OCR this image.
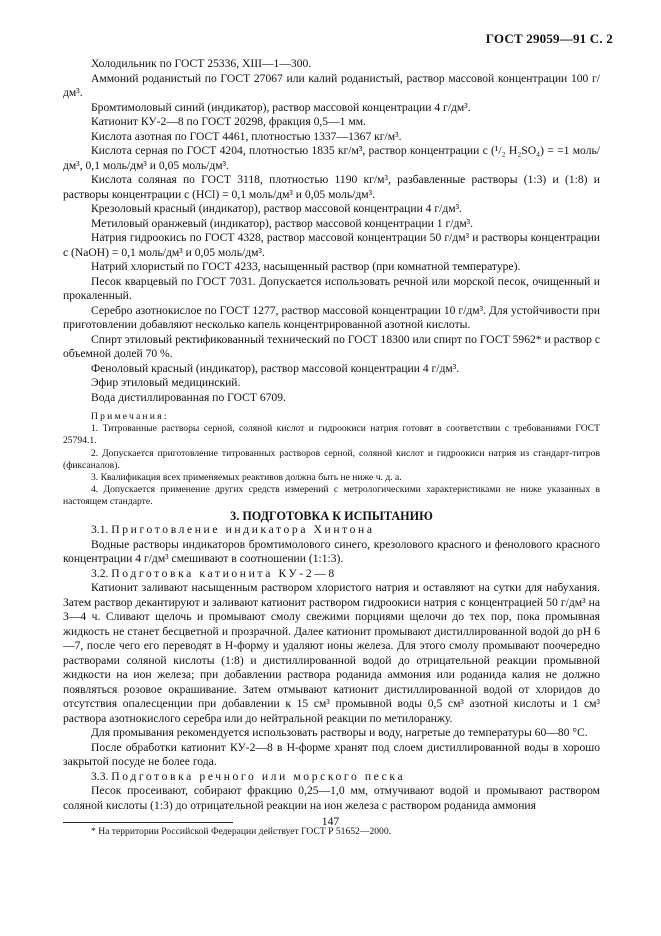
ГОСТ 29059—91 С. 2

Холодильник по ГОСТ 25336, ХIII—1—300.

Аммоний роданистый по ГОСТ 27067 или калий роданистый, раствор массовой концентрации 100 г/дм³.

Бромтимоловый синий (индикатор), раствор массовой концентрации 4 г/дм³.

Катионит КУ-2—8 по ГОСТ 20298, фракция 0,5—1 мм.

Кислота азотная по ГОСТ 4461, плотностью 1337—1367 кг/м³.

Кислота серная по ГОСТ 4204, плотностью 1835 кг/м³, раствор концентрации c (¹/₂ H₂SO₄) = =1 моль/дм³, 0,1 моль/дм³ и 0,05 моль/дм³.

Кислота соляная по ГОСТ 3118, плотностью 1190 кг/м³, разбавленные растворы (1:3) и (1:8) и растворы концентрации c (HCl) = 0,1 моль/дм³ и 0,05 моль/дм³.

Крезоловый красный (индикатор), раствор массовой концентрации 4 г/дм³.

Метиловый оранжевый (индикатор), раствор массовой концентрации 1 г/дм³.

Натрия гидроокись по ГОСТ 4328, раствор массовой концентрации 50 г/дм³ и растворы концентрации c (NaOH) = 0,1 моль/дм³ и 0,05 моль/дм³.

Натрий хлористый по ГОСТ 4233, насыщенный раствор (при комнатной температуре).

Песок кварцевый по ГОСТ 7031. Допускается использовать речной или морской песок, очищенный и прокаленный.

Серебро азотнокислое по ГОСТ 1277, раствор массовой концентрации 10 г/дм³. Для устойчивости при приготовлении добавляют несколько капель концентрированной азотной кислоты.

Спирт этиловый ректификованный технический по ГОСТ 18300 или спирт по ГОСТ 5962* и раствор с объемной долей 70 %.

Феноловый красный (индикатор), раствор массовой концентрации 4 г/дм³.

Эфир этиловый медицинский.

Вода дистиллированная по ГОСТ 6709.

Примечания:

1. Титрованные растворы серной, соляной кислот и гидроокиси натрия готовят в соответствии с требованиями ГОСТ 25794.1.

2. Допускается приготовление титрованных растворов серной, соляной кислот и гидроокиси натрия из стандарт-титров (фиксаналов).

3. Квалификация всех применяемых реактивов должна быть не ниже ч. д. а.

4. Допускается применение других средств измерений с метрологическими характеристиками не ниже указанных в настоящем стандарте.

3. ПОДГОТОВКА К ИСПЫТАНИЮ

3.1. Приготовление индикатора Хинтона

Водные растворы индикаторов бромтимолового синего, крезолового красного и фенолового красного концентрации 4 г/дм³ смешивают в соотношении (1:1:3).

3.2. Подготовка катионита КУ-2—8

Катионит заливают насыщенным раствором хлористого натрия и оставляют на сутки для набухания. Затем раствор декантируют и заливают катионит раствором гидроокиси натрия с концентрацией 50 г/дм³ на 3—4 ч. Сливают щелочь и промывают смолу свежими порциями щелочи до тех пор, пока промывная жидкость не станет бесцветной и прозрачной. Далее катионит промывают дистиллированной водой до pH 6—7, после чего его переводят в H-форму и удаляют ионы железа. Для этого смолу промывают поочередно растворами соляной кислоты (1:8) и дистиллированной водой до отрицательной реакции промывной жидкости на ион железа; при добавлении раствора роданида аммония или роданида калия не должно появляться розовое окрашивание. Затем отмывают катионит дистиллированной водой от хлоридов до отсутствия опалесценции при добавлении к 15 см³ промывной воды 0,5 см³ азотной кислоты и 1 см³ раствора азотнокислого серебра или до нейтральной реакции по метилоранжу.

Для промывания рекомендуется использовать растворы и воду, нагретые до температуры 60—80 °С.

После обработки катионит КУ-2—8 в H-форме хранят под слоем дистиллированной воды в хорошо закрытой посуде не более года.

3.3. Подготовка речного или морского песка

Песок просеивают, собирают фракцию 0,25—1,0 мм, отмучивают водой и промывают раствором соляной кислоты (1:3) до отрицательной реакции на ион железа с раствором роданида аммония

* На территории Российской Федерации действует ГОСТ Р 51652—2000.

147
